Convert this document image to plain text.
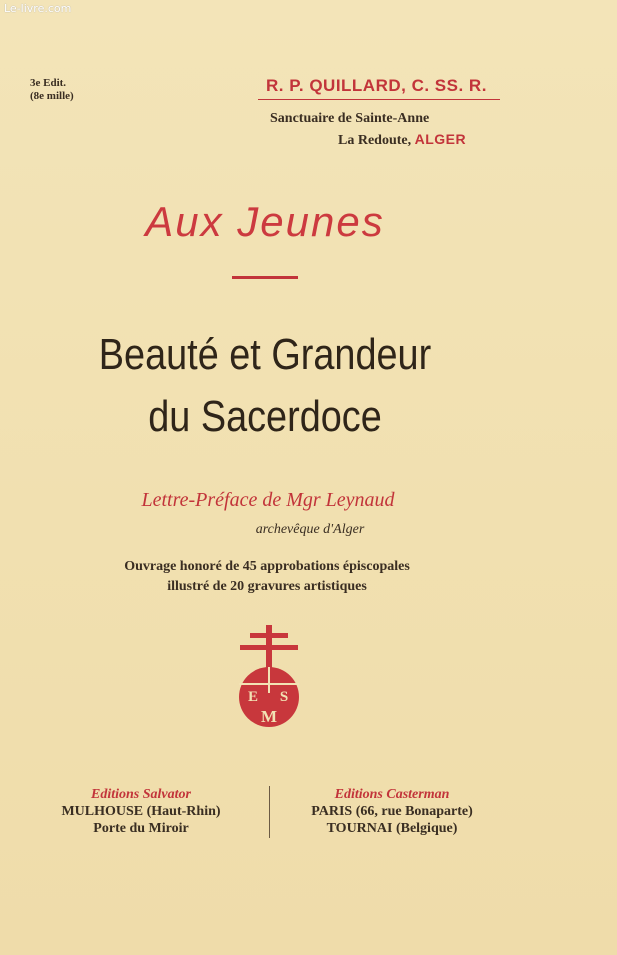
Le-livre.com
3e Edit.
(8e mille)
R. P. QUILLARD, C. SS. R.
Sanctuaire de Sainte-Anne
La Redoute, ALGER
Aux Jeunes
Beauté et Grandeur
du Sacerdoce
Lettre-Préface de Mgr Leynaud
archevêque d'Alger
Ouvrage honoré de 45 approbations épiscopales
illustré de 20 gravures artistiques
E S
M
Editions Salvator
MULHOUSE (Haut-Rhin)
Porte du Miroir
Editions Casterman
PARIS (66, rue Bonaparte)
TOURNAI (Belgique)
